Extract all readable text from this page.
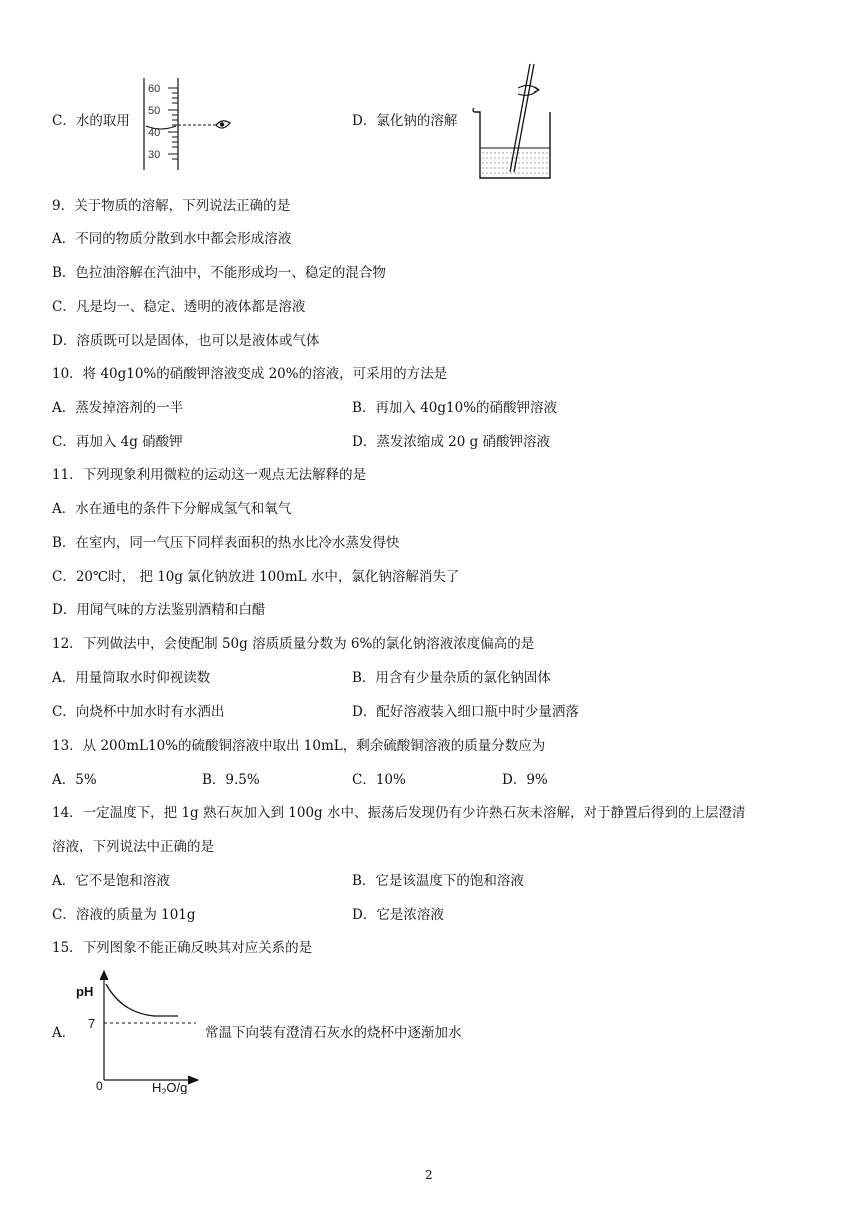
C．水的取用
60
50
40
30
D．氯化钠的溶解
9．关于物质的溶解，下列说法正确的是
A．不同的物质分散到水中都会形成溶液
B．色拉油溶解在汽油中，不能形成均一、稳定的混合物
C．凡是均一、稳定、透明的液体都是溶液
D．溶质既可以是固体，也可以是液体或气体
10．将 40g10%的硝酸钾溶液变成 20%的溶液，可采用的方法是
A．蒸发掉溶剂的一半	B．再加入 40g10%的硝酸钾溶液
C．再加入 4g 硝酸钾	D．蒸发浓缩成 20 g 硝酸钾溶液
11．下列现象利用微粒的运动这一观点无法解释的是
A．水在通电的条件下分解成氢气和氧气
B．在室内，同一气压下同样表面积的热水比冷水蒸发得快
C．20℃时， 把 10g 氯化钠放进 100mL 水中，氯化钠溶解消失了
D．用闻气味的方法鉴别酒精和白醋
12．下列做法中，会使配制 50g 溶质质量分数为 6%的氯化钠溶液浓度偏高的是
A．用量筒取水时仰视读数	B．用含有少量杂质的氯化钠固体
C．向烧杯中加水时有水洒出	D．配好溶液装入细口瓶中时少量洒落
13．从 200mL10%的硫酸铜溶液中取出 10mL，剩余硫酸铜溶液的质量分数应为
A．5%	B．9.5%	C．10%	D．9%
14．一定温度下，把 1g 熟石灰加入到 100g 水中、振荡后发现仍有少许熟石灰未溶解，对于静置后得到的上层澄清
溶液，下列说法中正确的是
A．它不是饱和溶液	B．它是该温度下的饱和溶液
C．溶液的质量为 101g	D．它是浓溶液
15．下列图象不能正确反映其对应关系的是
A．
pH
7
0	$H_2O/g$
常温下向装有澄清石灰水的烧杯中逐渐加水
2
